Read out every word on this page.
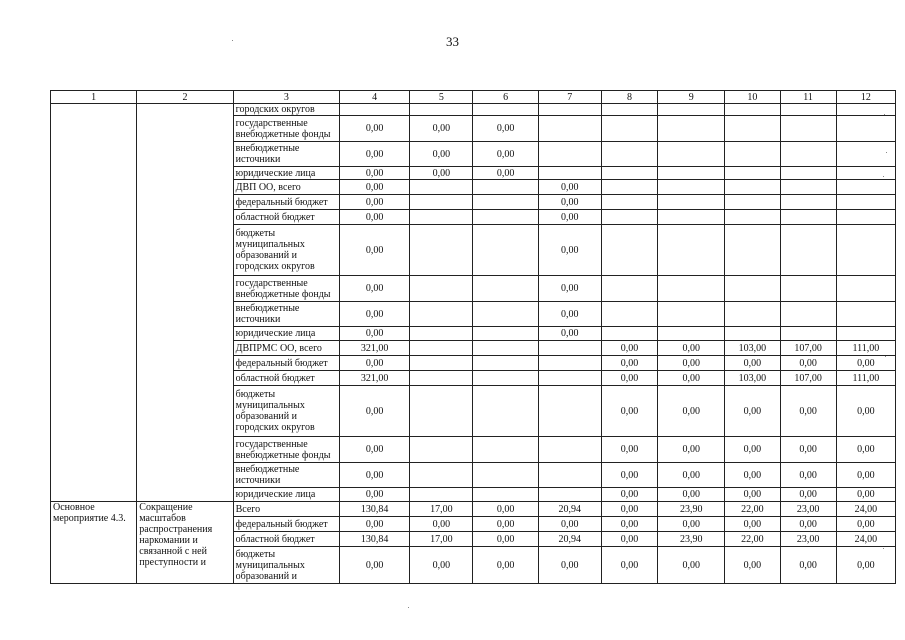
33
1	2	3	4	5	6	7	8	9	10	11	12
		городских округов									
		государственные внебюджетные фонды	0,00	0,00	0,00						
		внебюджетные источники	0,00	0,00	0,00						
		юридические лица	0,00	0,00	0,00						
		ДВП ОО, всего	0,00			0,00					
		федеральный бюджет	0,00			0,00					
		областной бюджет	0,00			0,00					
		бюджеты муниципальных образований и городских округов	0,00			0,00					
		государственные внебюджетные фонды	0,00			0,00					
		внебюджетные источники	0,00			0,00					
		юридические лица	0,00			0,00					
		ДВПРМС ОО, всего	321,00				0,00	0,00	103,00	107,00	111,00
		федеральный бюджет	0,00				0,00	0,00	0,00	0,00	0,00
		областной бюджет	321,00				0,00	0,00	103,00	107,00	111,00
		бюджеты муниципальных образований и городских округов	0,00				0,00	0,00	0,00	0,00	0,00
		государственные внебюджетные фонды	0,00				0,00	0,00	0,00	0,00	0,00
		внебюджетные источники	0,00				0,00	0,00	0,00	0,00	0,00
		юридические лица	0,00				0,00	0,00	0,00	0,00	0,00
Основное мероприятие 4.3.	Сокращение масштабов распространения наркомании и связанной с ней преступности и	Всего	130,84	17,00	0,00	20,94	0,00	23,90	22,00	23,00	24,00
		федеральный бюджет	0,00	0,00	0,00	0,00	0,00	0,00	0,00	0,00	0,00
		областной бюджет	130,84	17,00	0,00	20,94	0,00	23,90	22,00	23,00	24,00
		бюджеты муниципальных образований и	0,00	0,00	0,00	0,00	0,00	0,00	0,00	0,00	0,00
